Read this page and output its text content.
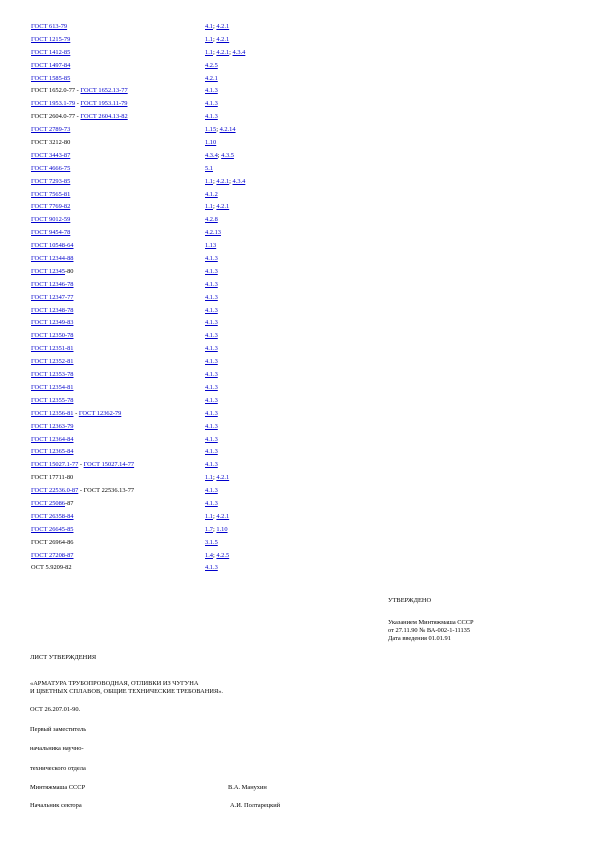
ГОСТ 613-79	4.1; 4.2.1
ГОСТ 1215-79	1.1; 4.2.1
ГОСТ 1412-85	1.1; 4.2.1; 4.3.4
ГОСТ 1497-84	4.2.5
ГОСТ 1585-85	4.2.1
ГОСТ 1652.0-77 - ГОСТ 1652.13-77	4.1.3
ГОСТ 1953.1-79 - ГОСТ 1953.11-79	4.1.3
ГОСТ 2604.0-77 - ГОСТ 2604.13-82	4.1.3
ГОСТ 2789-73	1.15; 4.2.14
ГОСТ 3212-80	1.10
ГОСТ 3443-87	4.3.4; 4.3.5
ГОСТ 4666-75	5.1
ГОСТ 7293-85	1.1; 4.2.1; 4.3.4
ГОСТ 7565-81	4.1.2
ГОСТ 7769-82	1.1; 4.2.1
ГОСТ 9012-59	4.2.8
ГОСТ 9454-78	4.2.13
ГОСТ 10548-64	1.13
ГОСТ 12344-88	4.1.3
ГОСТ 12345-80	4.1.3
ГОСТ 12346-78	4.1.3
ГОСТ 12347-77	4.1.3
ГОСТ 12348-78	4.1.3
ГОСТ 12349-83	4.1.3
ГОСТ 12350-78	4.1.3
ГОСТ 12351-81	4.1.3
ГОСТ 12352-81	4.1.3
ГОСТ 12353-78	4.1.3
ГОСТ 12354-81	4.1.3
ГОСТ 12355-78	4.1.3
ГОСТ 12356-81 - ГОСТ 12362-79	4.1.3
ГОСТ 12363-79	4.1.3
ГОСТ 12364-84	4.1.3
ГОСТ 12365-84	4.1.3
ГОСТ 15027.1-77 - ГОСТ 15027.14-77	4.1.3
ГОСТ 17711-80	1.1; 4.2.1
ГОСТ 22536.0-87 - ГОСТ 22536.13-77	4.1.3
ГОСТ 25086-87	4.1.3
ГОСТ 26358-84	1.1; 4.2.1
ГОСТ 26645-85	1.7; 1.10
ГОСТ 26964-86	3.1.5
ГОСТ 27208-87	1.4; 4.2.5
ОСТ 5.9209-82	4.1.3
УТВЕРЖДЕНО
Указанием Минтяжмаша СССР
от 27.11.90 № ВА-002-1-11135
Дата введения 01.01.91

ЛИСТ УТВЕРЖДЕНИЯ

«АРМАТУРА ТРУБОПРОВОДНАЯ, ОТЛИВКИ ИЗ ЧУГУНА

И ЦВЕТНЫХ СПЛАВОВ, ОБЩИЕ ТЕХНИЧЕСКИЕ ТРЕБОВАНИЯ».

ОСТ 26.207.01-90.

Первый заместитель

начальника научно-

технического отдела

Минтяжмаша СССР	В.А. Манухин
Начальник сектора	А.И. Полтарецкий
